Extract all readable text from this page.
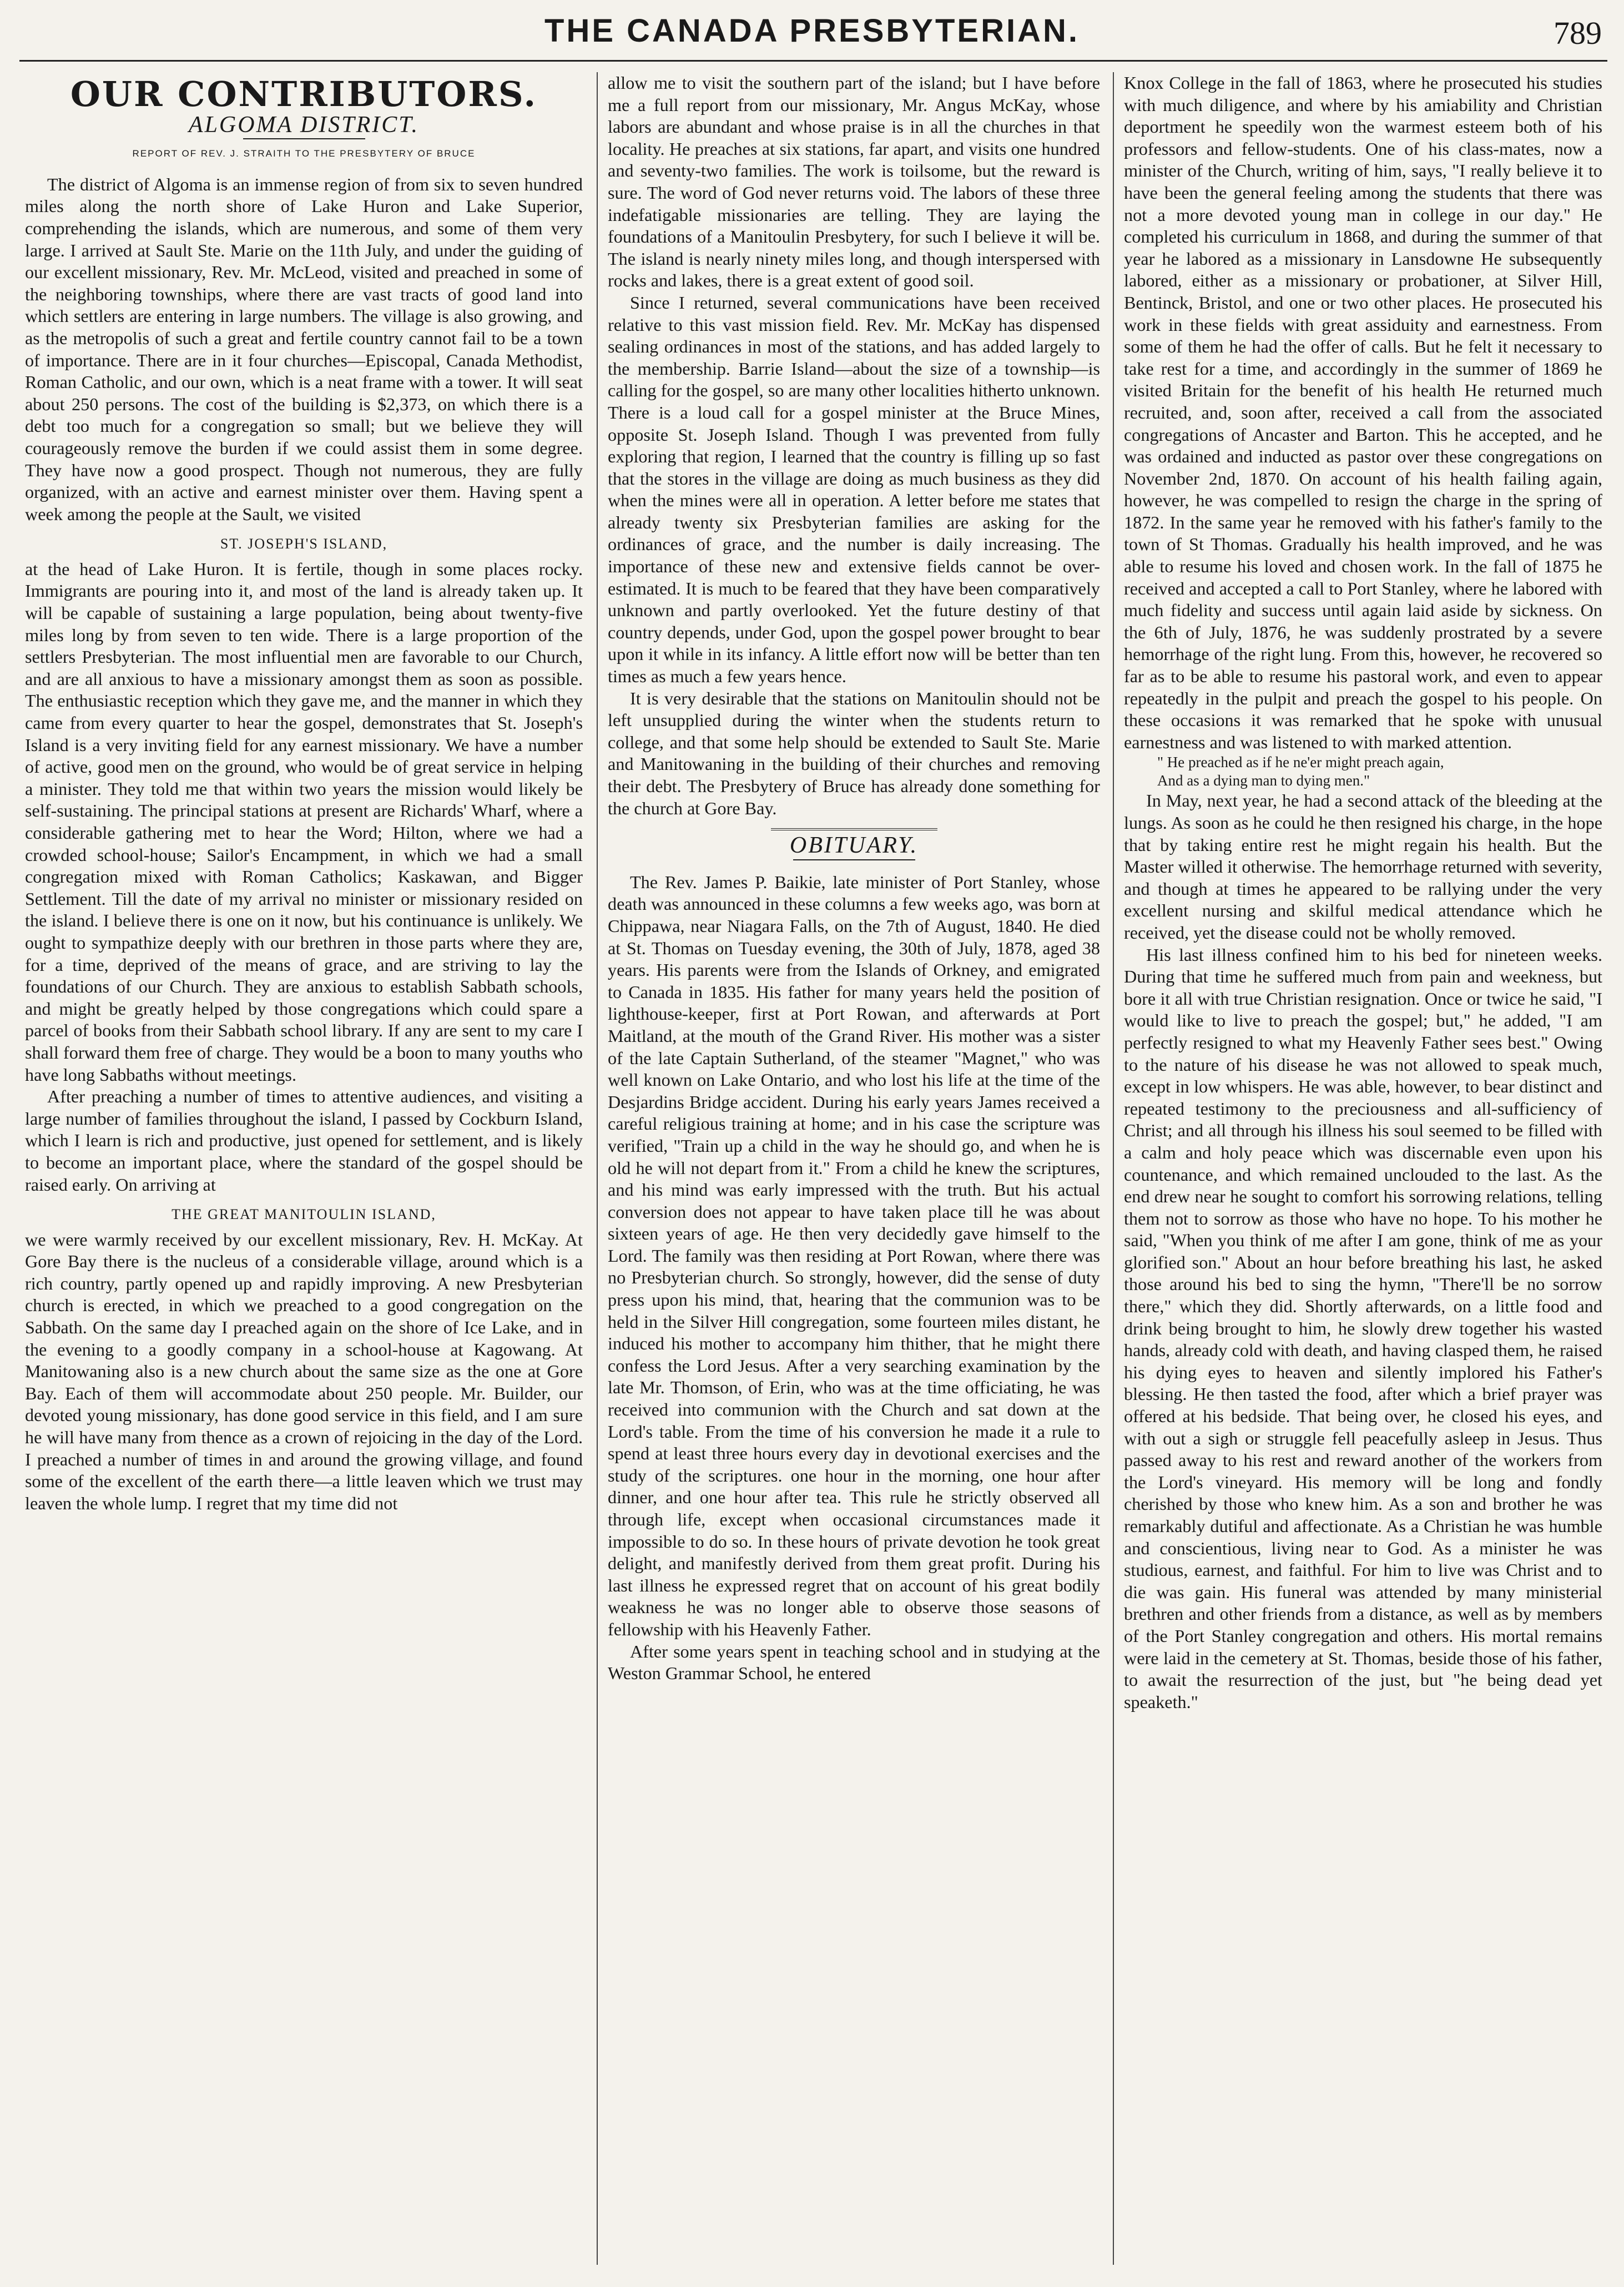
THE CANADA PRESBYTERIAN.	789
OUR CONTRIBUTORS.
ALGOMA DISTRICT.
REPORT OF REV. J. STRAITH TO THE PRESBYTERY OF BRUCE

The district of Algoma is an immense region of from six to seven hundred miles along the north shore of Lake Huron and Lake Superior, comprehending the islands, which are numerous, and some of them very large. I arrived at Sault Ste. Marie on the 11th July, and under the guiding of our excellent missionary, Rev. Mr. McLeod, visited and preached in some of the neighboring townships, where there are vast tracts of good land into which settlers are entering in large numbers. The village is also growing, and as the metropolis of such a great and fertile country cannot fail to be a town of importance. There are in it four churches—Episcopal, Canada Methodist, Roman Catholic, and our own, which is a neat frame with a tower. It will seat about 250 persons. The cost of the building is $2,373, on which there is a debt too much for a congregation so small; but we believe they will courageously remove the burden if we could assist them in some degree. They have now a good prospect. Though not numerous, they are fully organized, with an active and earnest minister over them. Having spent a week among the people at the Sault, we visited

ST. JOSEPH'S ISLAND,

at the head of Lake Huron. It is fertile, though in some places rocky. Immigrants are pouring into it, and most of the land is already taken up. It will be capable of sustaining a large population, being about twenty-five miles long by from seven to ten wide. There is a large proportion of the settlers Presbyterian. The most influential men are favorable to our Church, and are all anxious to have a missionary amongst them as soon as possible. The enthusiastic reception which they gave me, and the manner in which they came from every quarter to hear the gospel, demonstrates that St. Joseph's Island is a very inviting field for any earnest missionary. We have a number of active, good men on the ground, who would be of great service in helping a minister. They told me that within two years the mission would likely be self-sustaining. The principal stations at present are Richards' Wharf, where a considerable gathering met to hear the Word; Hilton, where we had a crowded school-house; Sailor's Encampment, in which we had a small congregation mixed with Roman Catholics; Kaskawan, and Bigger Settlement. Till the date of my arrival no minister or missionary resided on the island. I believe there is one on it now, but his continuance is unlikely. We ought to sympathize deeply with our brethren in those parts where they are, for a time, deprived of the means of grace, and are striving to lay the foundations of our Church. They are anxious to establish Sabbath schools, and might be greatly helped by those congregations which could spare a parcel of books from their Sabbath school library. If any are sent to my care I shall forward them free of charge. They would be a boon to many youths who have long Sabbaths without meetings.

After preaching a number of times to attentive audiences, and visiting a large number of families throughout the island, I passed by Cockburn Island, which I learn is rich and productive, just opened for settlement, and is likely to become an important place, where the standard of the gospel should be raised early. On arriving at

THE GREAT MANITOULIN ISLAND,

we were warmly received by our excellent missionary, Rev. H. McKay. At Gore Bay there is the nucleus of a considerable village, around which is a rich country, partly opened up and rapidly improving. A new Presbyterian church is erected, in which we preached to a good congregation on the Sabbath. On the same day I preached again on the shore of Ice Lake, and in the evening to a goodly company in a school-house at Kagowang. At Manitowaning also is a new church about the same size as the one at Gore Bay. Each of them will accommodate about 250 people. Mr. Builder, our devoted young missionary, has done good service in this field, and I am sure he will have many from thence as a crown of rejoicing in the day of the Lord. I preached a number of times in and around the growing village, and found some of the excellent of the earth there—a little leaven which we trust may leaven the whole lump. I regret that my time did not

allow me to visit the southern part of the island; but I have before me a full report from our missionary, Mr. Angus McKay, whose labors are abundant and whose praise is in all the churches in that locality. He preaches at six stations, far apart, and visits one hundred and seventy-two families. The work is toilsome, but the reward is sure. The word of God never returns void. The labors of these three indefatigable missionaries are telling. They are laying the foundations of a Manitoulin Presbytery, for such I believe it will be. The island is nearly ninety miles long, and though interspersed with rocks and lakes, there is a great extent of good soil.

Since I returned, several communications have been received relative to this vast mission field. Rev. Mr. McKay has dispensed sealing ordinances in most of the stations, and has added largely to the membership. Barrie Island—about the size of a township—is calling for the gospel, so are many other localities hitherto unknown. There is a loud call for a gospel minister at the Bruce Mines, opposite St. Joseph Island. Though I was prevented from fully exploring that region, I learned that the country is filling up so fast that the stores in the village are doing as much business as they did when the mines were all in operation. A letter before me states that already twenty six Presbyterian families are asking for the ordinances of grace, and the number is daily increasing. The importance of these new and extensive fields cannot be over-estimated. It is much to be feared that they have been comparatively unknown and partly overlooked. Yet the future destiny of that country depends, under God, upon the gospel power brought to bear upon it while in its infancy. A little effort now will be better than ten times as much a few years hence.

It is very desirable that the stations on Manitoulin should not be left unsupplied during the winter when the students return to college, and that some help should be extended to Sault Ste. Marie and Manitowaning in the building of their churches and removing their debt. The Presbytery of Bruce has already done something for the church at Gore Bay.

OBITUARY.

The Rev. James P. Baikie, late minister of Port Stanley, whose death was announced in these columns a few weeks ago, was born at Chippawa, near Niagara Falls, on the 7th of August, 1840. He died at St. Thomas on Tuesday evening, the 30th of July, 1878, aged 38 years. His parents were from the Islands of Orkney, and emigrated to Canada in 1835. His father for many years held the position of lighthouse-keeper, first at Port Rowan, and afterwards at Port Maitland, at the mouth of the Grand River. His mother was a sister of the late Captain Sutherland, of the steamer "Magnet," who was well known on Lake Ontario, and who lost his life at the time of the Desjardins Bridge accident. During his early years James received a careful religious training at home; and in his case the scripture was verified, "Train up a child in the way he should go, and when he is old he will not depart from it." From a child he knew the scriptures, and his mind was early impressed with the truth. But his actual conversion does not appear to have taken place till he was about sixteen years of age. He then very decidedly gave himself to the Lord. The family was then residing at Port Rowan, where there was no Presbyterian church. So strongly, however, did the sense of duty press upon his mind, that, hearing that the communion was to be held in the Silver Hill congregation, some fourteen miles distant, he induced his mother to accompany him thither, that he might there confess the Lord Jesus. After a very searching examination by the late Mr. Thomson, of Erin, who was at the time officiating, he was received into communion with the Church and sat down at the Lord's table. From the time of his conversion he made it a rule to spend at least three hours every day in devotional exercises and the study of the scriptures. one hour in the morning, one hour after dinner, and one hour after tea. This rule he strictly observed all through life, except when occasional circumstances made it impossible to do so. In these hours of private devotion he took great delight, and manifestly derived from them great profit. During his last illness he expressed regret that on account of his great bodily weakness he was no longer able to observe those seasons of fellowship with his Heavenly Father.

After some years spent in teaching school and in studying at the Weston Grammar School, he entered

Knox College in the fall of 1863, where he prosecuted his studies with much diligence, and where by his amiability and Christian deportment he speedily won the warmest esteem both of his professors and fellow-students. One of his class-mates, now a minister of the Church, writing of him, says, "I really believe it to have been the general feeling among the students that there was not a more devoted young man in college in our day." He completed his curriculum in 1868, and during the summer of that year he labored as a missionary in Lansdowne He subsequently labored, either as a missionary or probationer, at Silver Hill, Bentinck, Bristol, and one or two other places. He prosecuted his work in these fields with great assiduity and earnestness. From some of them he had the offer of calls. But he felt it necessary to take rest for a time, and accordingly in the summer of 1869 he visited Britain for the benefit of his health He returned much recruited, and, soon after, received a call from the associated congregations of Ancaster and Barton. This he accepted, and he was ordained and inducted as pastor over these congregations on November 2nd, 1870. On account of his health failing again, however, he was compelled to resign the charge in the spring of 1872. In the same year he removed with his father's family to the town of St Thomas. Gradually his health improved, and he was able to resume his loved and chosen work. In the fall of 1875 he received and accepted a call to Port Stanley, where he labored with much fidelity and success until again laid aside by sickness. On the 6th of July, 1876, he was suddenly prostrated by a severe hemorrhage of the right lung. From this, however, he recovered so far as to be able to resume his pastoral work, and even to appear repeatedly in the pulpit and preach the gospel to his people. On these occasions it was remarked that he spoke with unusual earnestness and was listened to with marked attention.

" He preached as if he ne'er might preach again,
And as a dying man to dying men."

In May, next year, he had a second attack of the bleeding at the lungs. As soon as he could he then resigned his charge, in the hope that by taking entire rest he might regain his health. But the Master willed it otherwise. The hemorrhage returned with severity, and though at times he appeared to be rallying under the very excellent nursing and skilful medical attendance which he received, yet the disease could not be wholly removed.

His last illness confined him to his bed for nineteen weeks. During that time he suffered much from pain and weekness, but bore it all with true Christian resignation. Once or twice he said, "I would like to live to preach the gospel; but," he added, "I am perfectly resigned to what my Heavenly Father sees best." Owing to the nature of his disease he was not allowed to speak much, except in low whispers. He was able, however, to bear distinct and repeated testimony to the preciousness and all-sufficiency of Christ; and all through his illness his soul seemed to be filled with a calm and holy peace which was discernable even upon his countenance, and which remained unclouded to the last. As the end drew near he sought to comfort his sorrowing relations, telling them not to sorrow as those who have no hope. To his mother he said, "When you think of me after I am gone, think of me as your glorified son." About an hour before breathing his last, he asked those around his bed to sing the hymn, "There'll be no sorrow there," which they did. Shortly afterwards, on a little food and drink being brought to him, he slowly drew together his wasted hands, already cold with death, and having clasped them, he raised his dying eyes to heaven and silently implored his Father's blessing. He then tasted the food, after which a brief prayer was offered at his bedside. That being over, he closed his eyes, and with out a sigh or struggle fell peacefully asleep in Jesus. Thus passed away to his rest and reward another of the workers from the Lord's vineyard. His memory will be long and fondly cherished by those who knew him. As a son and brother he was remarkably dutiful and affectionate. As a Christian he was humble and conscientious, living near to God. As a minister he was studious, earnest, and faithful. For him to live was Christ and to die was gain. His funeral was attended by many ministerial brethren and other friends from a distance, as well as by members of the Port Stanley congregation and others. His mortal remains were laid in the cemetery at St. Thomas, beside those of his father, to await the resurrection of the just, but "he being dead yet speaketh."
